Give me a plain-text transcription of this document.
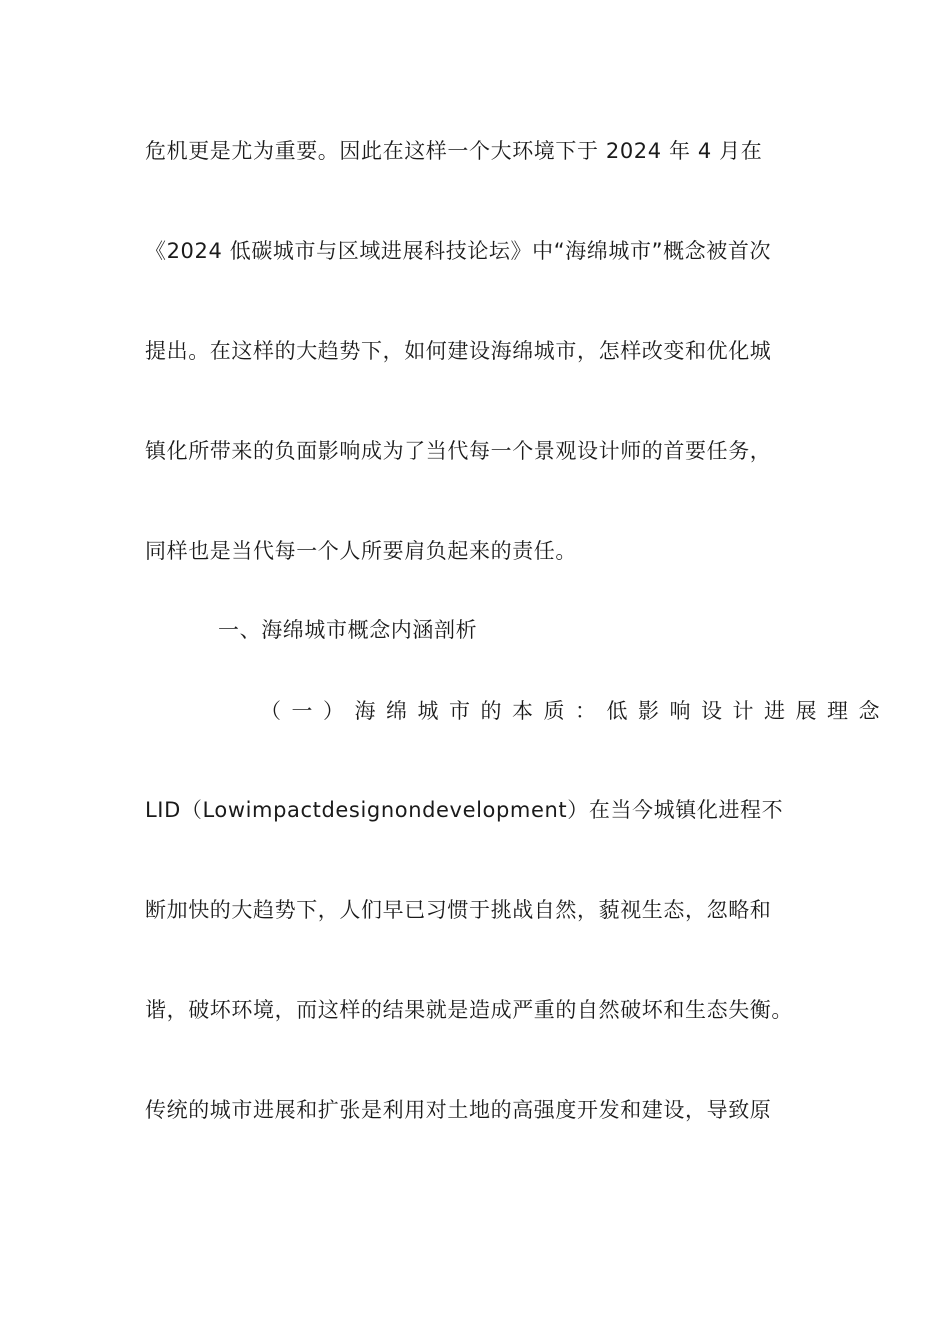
危机更是尤为重要。因此在这样一个大环境下于 2024 年 4 月在
《2024 低碳城市与区域进展科技论坛》中“海绵城市”概念被首次
提出。在这样的大趋势下，如何建设海绵城市，怎样改变和优化城
镇化所带来的负面影响成为了当代每一个景观设计师的首要任务，
同样也是当代每一个人所要肩负起来的责任。
一、海绵城市概念内涵剖析
（一）海绵城市的本质：低影响设计进展理念
LID（Lowimpactdesignondevelopment）在当今城镇化进程不
断加快的大趋势下，人们早已习惯于挑战自然，藐视生态，忽略和
谐，破坏环境，而这样的结果就是造成严重的自然破坏和生态失衡。
传统的城市进展和扩张是利用对土地的高强度开发和建设，导致原
